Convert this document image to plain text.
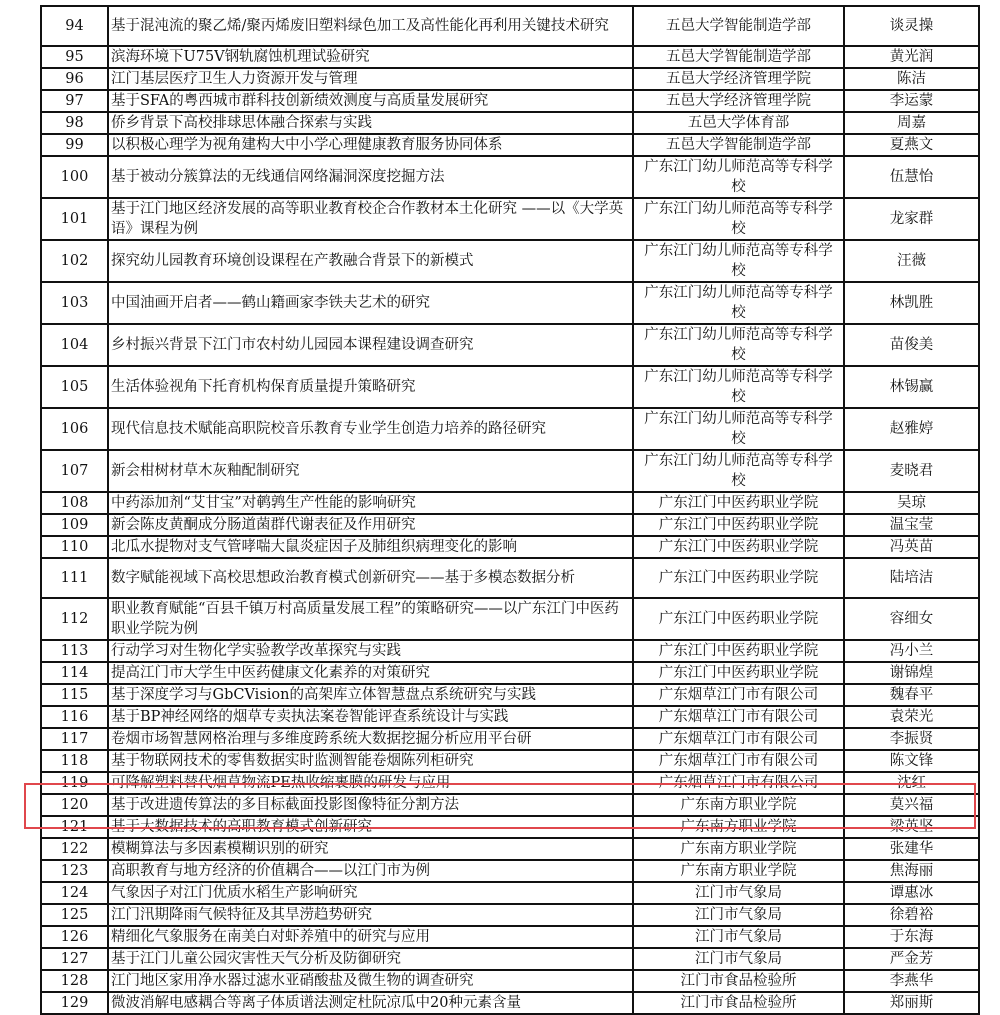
94	基于混沌流的聚乙烯/聚丙烯废旧塑料绿色加工及高性能化再利用关键技术研究	五邑大学智能制造学部	谈灵操
95	滨海环境下U75V钢轨腐蚀机理试验研究	五邑大学智能制造学部	黄光润
96	江门基层医疗卫生人力资源开发与管理	五邑大学经济管理学院	陈洁
97	基于SFA的粤西城市群科技创新绩效测度与高质量发展研究	五邑大学经济管理学院	李运蒙
98	侨乡背景下高校排球思体融合探索与实践	五邑大学体育部	周嘉
99	以积极心理学为视角建构大中小学心理健康教育服务协同体系	五邑大学智能制造学部	夏燕文
100	基于被动分簇算法的无线通信网络漏洞深度挖掘方法	广东江门幼儿师范高等专科学校	伍慧怡
101	基于江门地区经济发展的高等职业教育校企合作教材本土化研究 ——以《大学英语》课程为例	广东江门幼儿师范高等专科学校	龙家群
102	探究幼儿园教育环境创设课程在产教融合背景下的新模式	广东江门幼儿师范高等专科学校	汪薇
103	中国油画开启者——鹤山籍画家李铁夫艺术的研究	广东江门幼儿师范高等专科学校	林凯胜
104	乡村振兴背景下江门市农村幼儿园园本课程建设调查研究	广东江门幼儿师范高等专科学校	苗俊美
105	生活体验视角下托育机构保育质量提升策略研究	广东江门幼儿师范高等专科学校	林锡赢
106	现代信息技术赋能高职院校音乐教育专业学生创造力培养的路径研究	广东江门幼儿师范高等专科学校	赵雅婷
107	新会柑树材草木灰釉配制研究	广东江门幼儿师范高等专科学校	麦晓君
108	中药添加剂“艾甘宝”对鹌鹑生产性能的影响研究	广东江门中医药职业学院	吴琼
109	新会陈皮黄酮成分肠道菌群代谢表征及作用研究	广东江门中医药职业学院	温宝莹
110	北瓜水提物对支气管哮喘大鼠炎症因子及肺组织病理变化的影响	广东江门中医药职业学院	冯英苗
111	数字赋能视域下高校思想政治教育模式创新研究——基于多模态数据分析	广东江门中医药职业学院	陆培洁
112	职业教育赋能“百县千镇万村高质量发展工程”的策略研究——以广东江门中医药职业学院为例	广东江门中医药职业学院	容细女
113	行动学习对生物化学实验教学改革探究与实践	广东江门中医药职业学院	冯小兰
114	提高江门市大学生中医药健康文化素养的对策研究	广东江门中医药职业学院	谢锦煌
115	基于深度学习与GbCVision的高架库立体智慧盘点系统研究与实践	广东烟草江门市有限公司	魏春平
116	基于BP神经网络的烟草专卖执法案卷智能评查系统设计与实践	广东烟草江门市有限公司	袁荣光
117	卷烟市场智慧网格治理与多维度跨系统大数据挖掘分析应用平台研	广东烟草江门市有限公司	李振贤
118	基于物联网技术的零售数据实时监测智能卷烟陈列柜研究	广东烟草江门市有限公司	陈文锋
119	可降解塑料替代烟草物流PE热收缩裹膜的研发与应用	广东烟草江门市有限公司	沈红
120	基于改进遗传算法的多目标截面投影图像特征分割方法	广东南方职业学院	莫兴福
121	基于大数据技术的高职教育模式创新研究	广东南方职业学院	梁英坚
122	模糊算法与多因素模糊识别的研究	广东南方职业学院	张建华
123	高职教育与地方经济的价值耦合——以江门市为例	广东南方职业学院	焦海丽
124	气象因子对江门优质水稻生产影响研究	江门市气象局	谭惠冰
125	江门汛期降雨气候特征及其旱涝趋势研究	江门市气象局	徐碧裕
126	精细化气象服务在南美白对虾养殖中的研究与应用	江门市气象局	于东海
127	基于江门儿童公园灾害性天气分析及防御研究	江门市气象局	严金芳
128	江门地区家用净水器过滤水亚硝酸盐及微生物的调查研究	江门市食品检验所	李燕华
129	微波消解电感耦合等离子体质谱法测定杜阮凉瓜中20种元素含量	江门市食品检验所	郑丽斯
